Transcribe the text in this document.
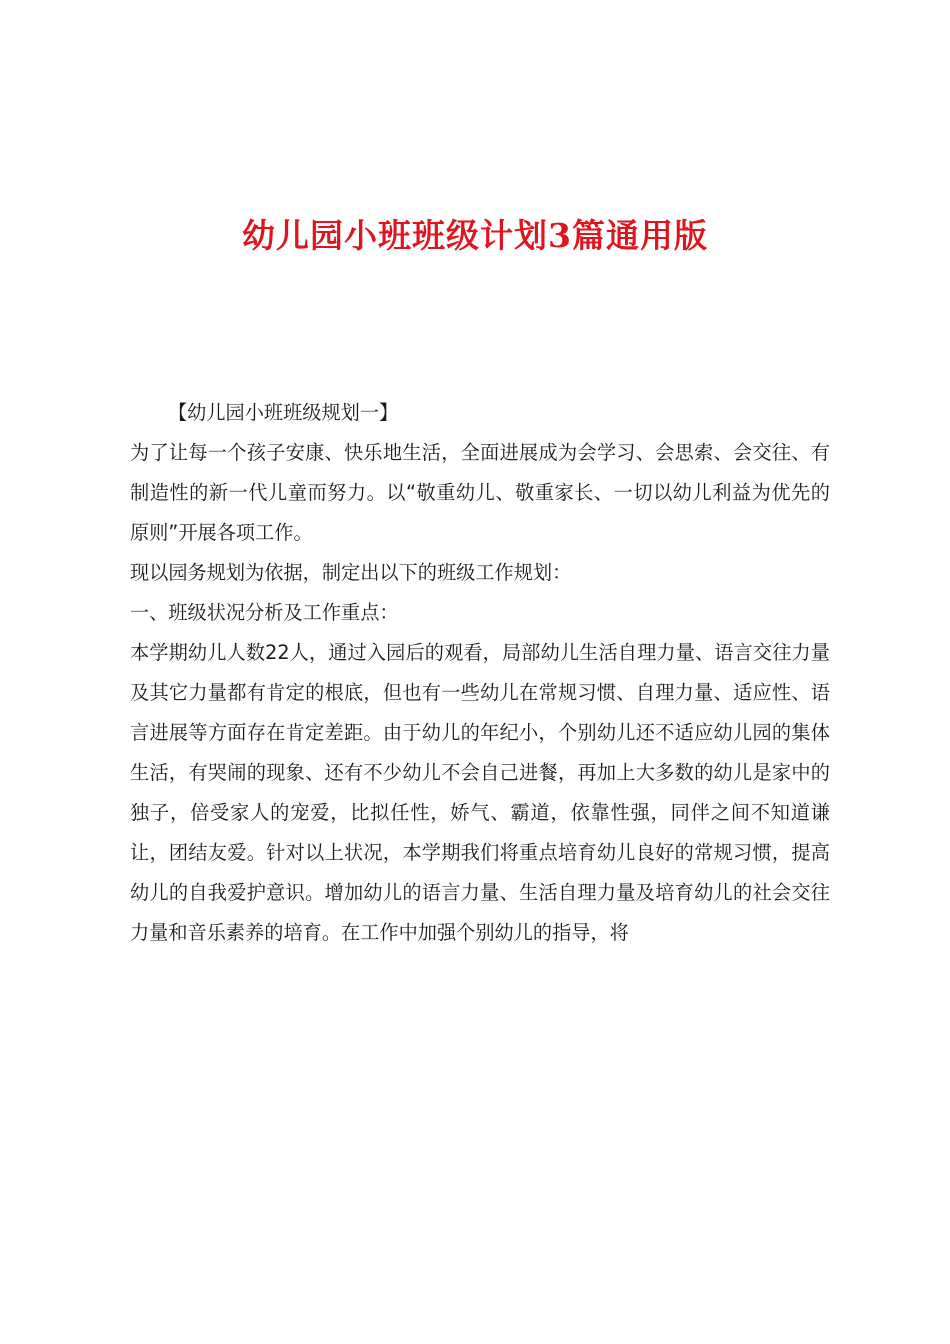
幼儿园小班班级计划3篇通用版

【幼儿园小班班级规划一】

为了让每一个孩子安康、快乐地生活，全面进展成为会学习、会思索、会交往、有制造性的新一代儿童而努力。以“敬重幼儿、敬重家长、一切以幼儿利益为优先的原则”开展各项工作。

现以园务规划为依据，制定出以下的班级工作规划：

一、班级状况分析及工作重点：

本学期幼儿人数22人，通过入园后的观看，局部幼儿生活自理力量、语言交往力量及其它力量都有肯定的根底，但也有一些幼儿在常规习惯、自理力量、适应性、语言进展等方面存在肯定差距。由于幼儿的年纪小，个别幼儿还不适应幼儿园的集体生活，有哭闹的现象、还有不少幼儿不会自己进餐，再加上大多数的幼儿是家中的独子，倍受家人的宠爱，比拟任性，娇气、霸道，依靠性强，同伴之间不知道谦让，团结友爱。针对以上状况，本学期我们将重点培育幼儿良好的常规习惯，提高幼儿的自我爱护意识。增加幼儿的语言力量、生活自理力量及培育幼儿的社会交往力量和音乐素养的培育。在工作中加强个别幼儿的指导，将
